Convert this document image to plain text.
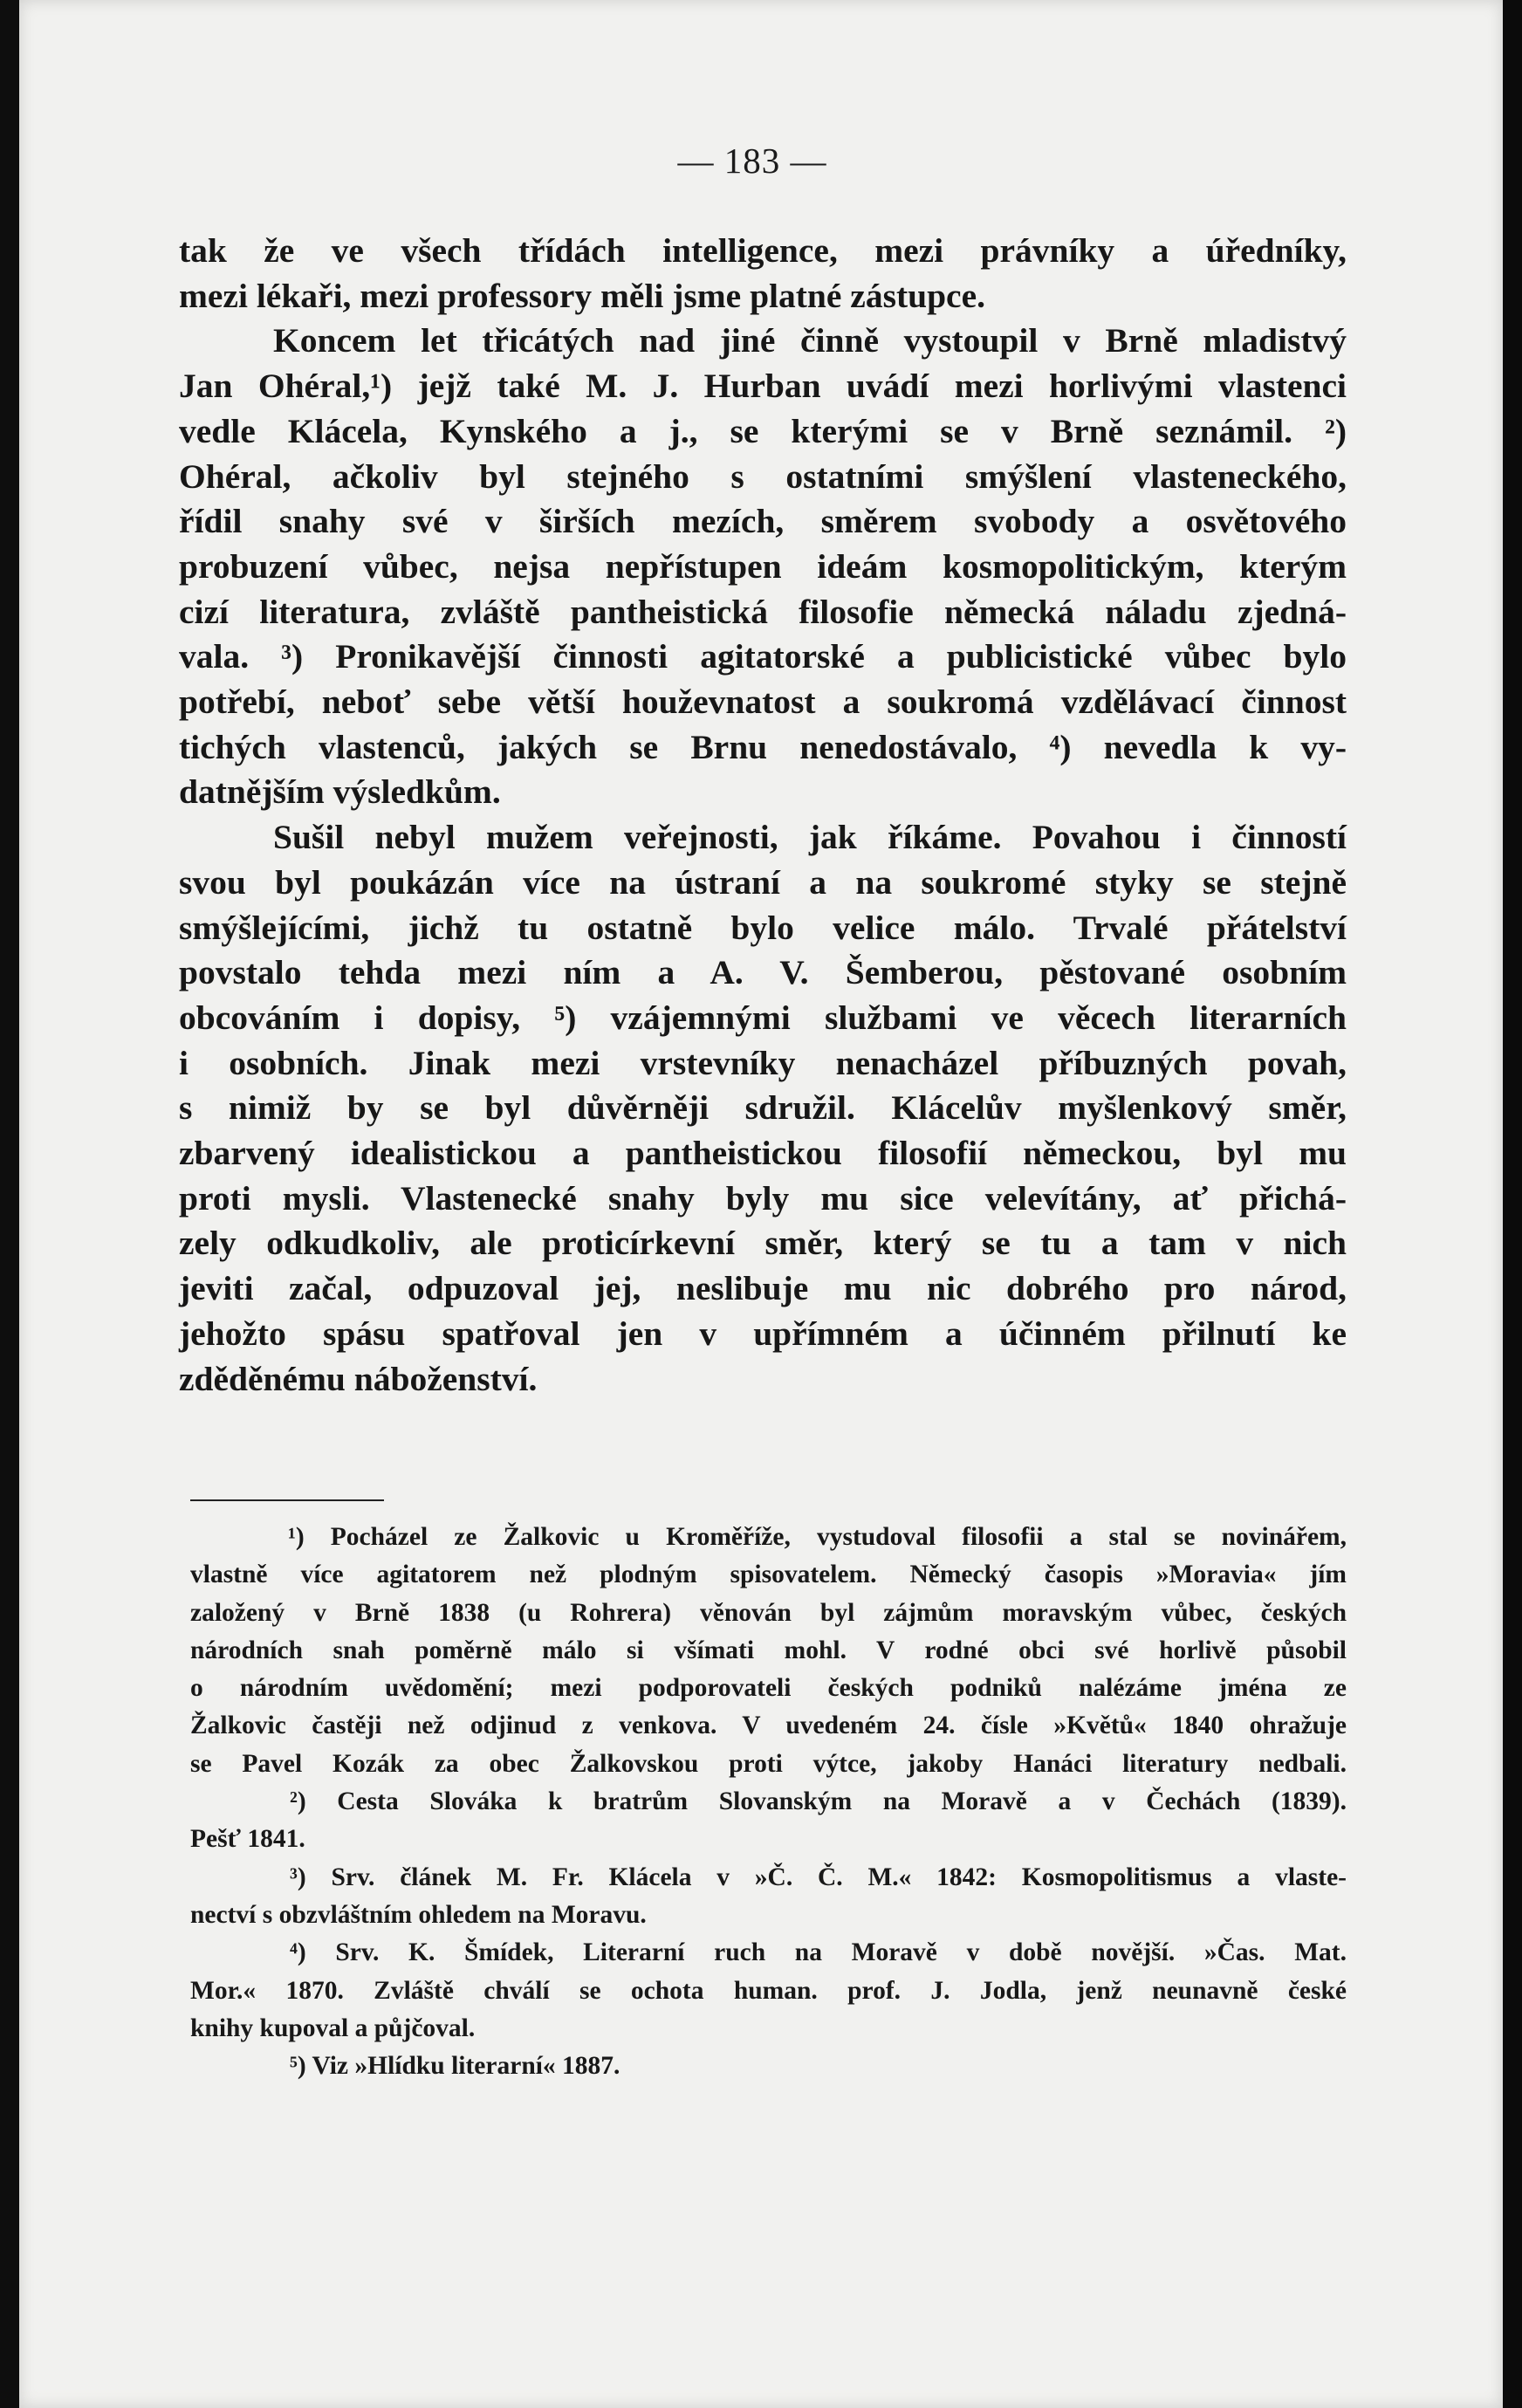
— 183 —
tak že ve všech třídách intelligence, mezi právníky a úředníky,
mezi lékaři, mezi professory měli jsme platné zástupce.
Koncem let třicátých nad jiné činně vystoupil v Brně mladistvý
Jan Ohéral,¹) jejž také M. J. Hurban uvádí mezi horlivými vlastenci
vedle Klácela, Kynského a j., se kterými se v Brně seznámil. ²)
Ohéral, ačkoliv byl stejného s ostatními smýšlení vlasteneckého,
řídil snahy své v širších mezích, směrem svobody a osvětového
probuzení vůbec, nejsa nepřístupen ideám kosmopolitickým, kterým
cizí literatura, zvláště pantheistická filosofie německá náladu zjedná-
vala. ³) Pronikavější činnosti agitatorské a publicistické vůbec bylo
potřebí, neboť sebe větší houževnatost a soukromá vzdělávací činnost
tichých vlastenců, jakých se Brnu nenedostávalo, ⁴) nevedla k vy-
datnějším výsledkům.
Sušil nebyl mužem veřejnosti, jak říkáme. Povahou i činností
svou byl poukázán více na ústraní a na soukromé styky se stejně
smýšlejícími, jichž tu ostatně bylo velice málo. Trvalé přátelství
povstalo tehda mezi ním a A. V. Šemberou, pěstované osobním
obcováním i dopisy, ⁵) vzájemnými službami ve věcech literarních
i osobních. Jinak mezi vrstevníky nenacházel příbuzných povah,
s nimiž by se byl důvěrněji sdružil. Klácelův myšlenkový směr,
zbarvený idealistickou a pantheistickou filosofií německou, byl mu
proti mysli. Vlastenecké snahy byly mu sice velevítány, ať přichá-
zely odkudkoliv, ale proticírkevní směr, který se tu a tam v nich
jeviti začal, odpuzoval jej, neslibuje mu nic dobrého pro národ,
jehožto spásu spatřoval jen v upřímném a účinném přilnutí ke
zděděnému náboženství.
¹) Pocházel ze Žalkovic u Kroměříže, vystudoval filosofii a stal se novinářem,
vlastně více agitatorem než plodným spisovatelem. Německý časopis »Moravia« jím
založený v Brně 1838 (u Rohrera) věnován byl zájmům moravským vůbec, českých
národních snah poměrně málo si všímati mohl. V rodné obci své horlivě působil
o národním uvědomění; mezi podporovateli českých podniků nalézáme jména ze
Žalkovic častěji než odjinud z venkova. V uvedeném 24. čísle »Květů« 1840 ohražuje
se Pavel Kozák za obec Žalkovskou proti výtce, jakoby Hanáci literatury nedbali.
²) Cesta Slováka k bratrům Slovanským na Moravě a v Čechách (1839).
Pešť 1841.
³) Srv. článek M. Fr. Klácela v »Č. Č. M.« 1842: Kosmopolitismus a vlaste-
nectví s obzvláštním ohledem na Moravu.
⁴) Srv. K. Šmídek, Literarní ruch na Moravě v době novější. »Čas. Mat.
Mor.« 1870. Zvláště chválí se ochota human. prof. J. Jodla, jenž neunavně české
knihy kupoval a půjčoval.
⁵) Viz »Hlídku literarní« 1887.
